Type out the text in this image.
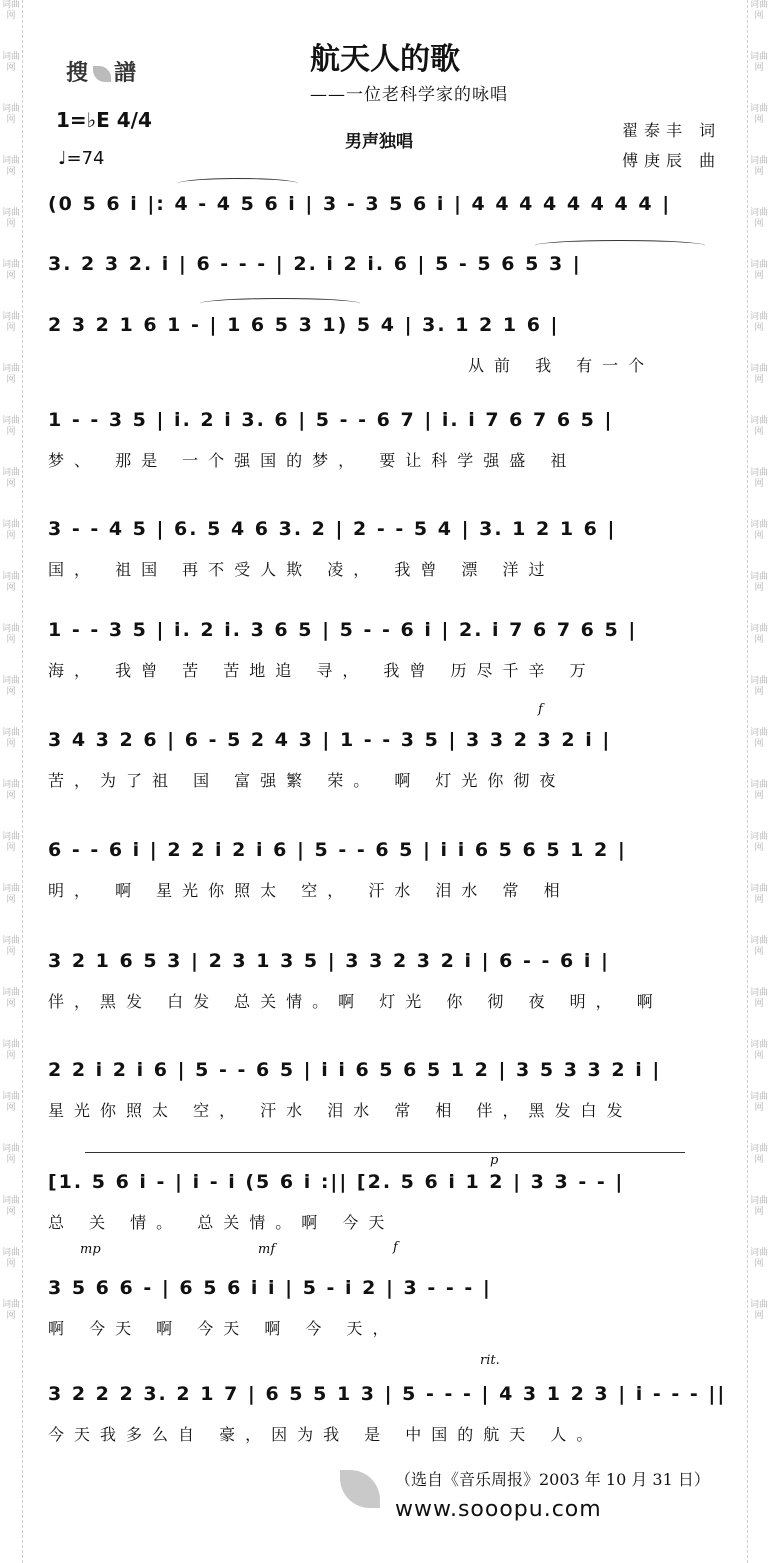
词曲网
词曲网
词曲网
词曲网
词曲网
词曲网
词曲网
词曲网
词曲网
词曲网
词曲网
词曲网
词曲网
词曲网
词曲网
词曲网
词曲网
词曲网
词曲网
词曲网
词曲网
词曲网
词曲网
词曲网
词曲网
词曲网
词曲网
词曲网
词曲网
词曲网
词曲网
词曲网
词曲网
词曲网
词曲网
词曲网
词曲网
词曲网
词曲网
词曲网
词曲网
词曲网
词曲网
词曲网
词曲网
词曲网
词曲网
词曲网
词曲网
词曲网
词曲网
词曲网
搜 譜	航天人的歌
——一位老科学家的咏唱
1=♭E 4/4
♩=74
男声独唱
翟泰丰 词
傅庚辰 曲
(0 5 6 i |: 4 - 4 5 6 i | 3 - 3 5 6 i | 4 4 4 4 4 4 4 4 |
3. 2 3 2. i | 6 - - - | 2. i 2 i. 6 | 5 - 5 6 5 3 |
2 3 2 1 6 1 - | 1 6 5 3 1) 5 4 | 3. 1 2 1 6 |
从前 我 有一个
1 - - 3 5 | i. 2 i 3. 6 | 5 - - 6 7 | i. i 7 6 7 6 5 |
梦、 那是 一个强国的梦， 要让科学强盛 祖
3 - - 4 5 | 6. 5 4 6 3. 2 | 2 - - 5 4 | 3. 1 2 1 6 |
国， 祖国 再不受人欺 凌， 我曾 漂 洋过
1 - - 3 5 | i. 2 i. 3 6 5 | 5 - - 6 i | 2. i 7 6 7 6 5 |
海， 我曾 苦 苦地追 寻， 我曾 历尽千辛 万
3 4 3 2 6 | 6 - 5 2 4 3 | 1 - - 3 5 | 3 3 2 3 2 i |
苦，为了祖 国 富强繁 荣。 啊 灯光你彻夜
6 - - 6 i | 2 2 i 2 i 6 | 5 - - 6 5 | i i 6 5 6 5 1 2 |
明， 啊 星光你照太 空， 汗水 泪水 常 相
3 2 1 6 5 3 | 2 3 1 3 5 | 3 3 2 3 2 i | 6 - - 6 i |
伴，黑发 白发 总关情。啊 灯光 你 彻 夜 明， 啊
2 2 i 2 i 6 | 5 - - 6 5 | i i 6 5 6 5 1 2 | 3 5 3 3 2 i |
星光你照太 空， 汗水 泪水 常 相 伴，黑发白发
[1. 5 6 i - | i - i (5 6 i :|| [2. 5 6 i 1 2 | 3 3 - - |
总 关 情。 总关情。啊 今天
3 5 6 6 - | 6 5 6 i i | 5 - i 2 | 3 - - - |
啊 今天 啊 今天 啊 今 天，
3 2 2 2 3. 2 1 7 | 6 5 5 1 3 | 5 - - - | 4 3 1 2 3 | i - - - ||
今天我多么自 豪，因为我 是 中国的航天 人。
f
p
mp	mf	f
rit.
（选自《音乐周报》2003 年 10 月 31 日）
www.sooopu.com
